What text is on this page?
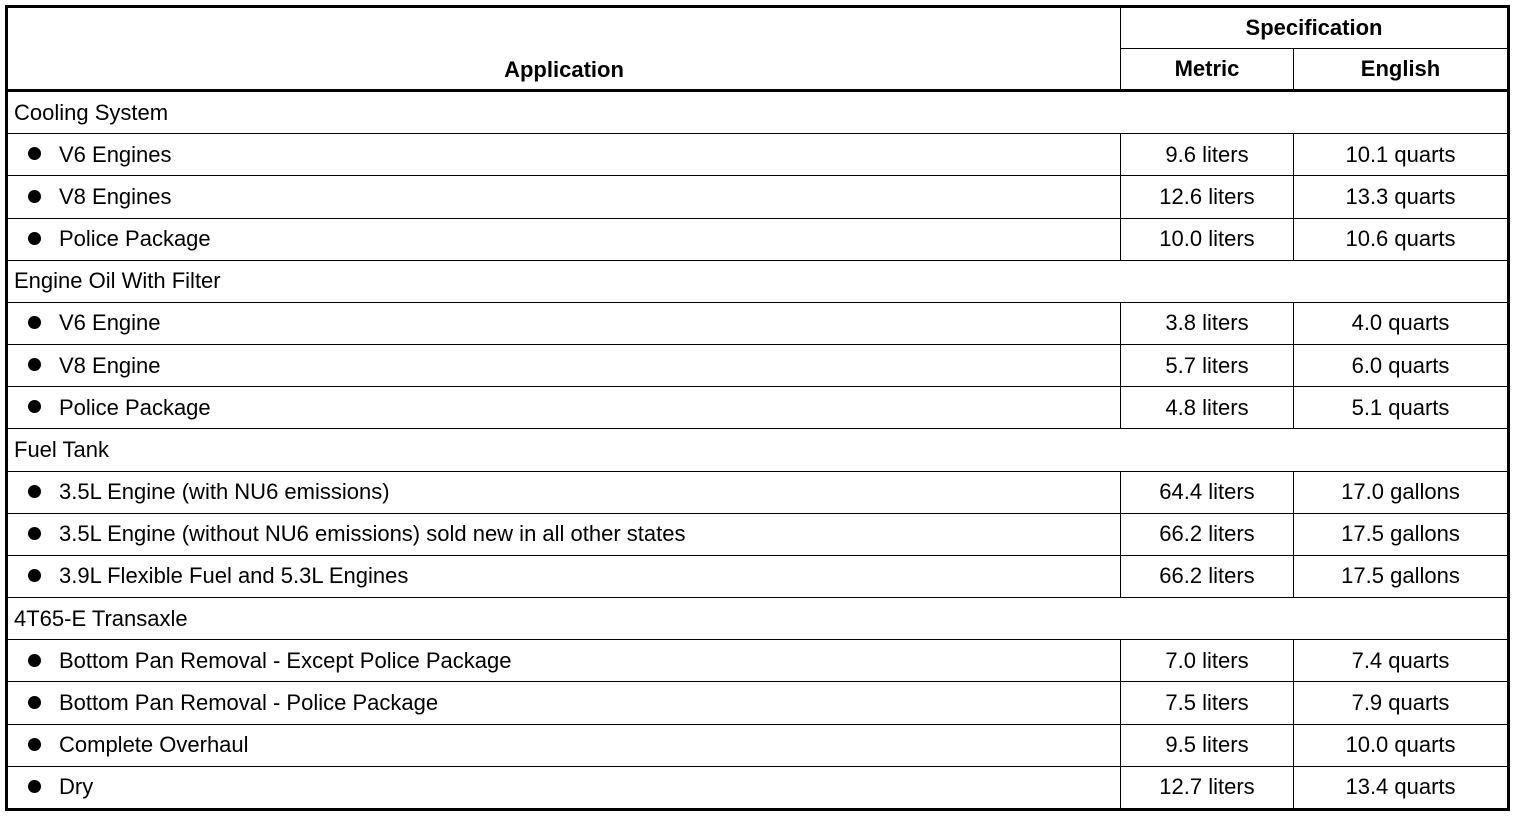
Application	Specification	
	Metric	English
Cooling System		
V6 Engines	9.6 liters	10.1 quarts
V8 Engines	12.6 liters	13.3 quarts
Police Package	10.0 liters	10.6 quarts
Engine Oil With Filter		
V6 Engine	3.8 liters	4.0 quarts
V8 Engine	5.7 liters	6.0 quarts
Police Package	4.8 liters	5.1 quarts
Fuel Tank		
3.5L Engine (with NU6 emissions)	64.4 liters	17.0 gallons
3.5L Engine (without NU6 emissions) sold new in all other states	66.2 liters	17.5 gallons
3.9L Flexible Fuel and 5.3L Engines	66.2 liters	17.5 gallons
4T65-E Transaxle		
Bottom Pan Removal - Except Police Package	7.0 liters	7.4 quarts
Bottom Pan Removal - Police Package	7.5 liters	7.9 quarts
Complete Overhaul	9.5 liters	10.0 quarts
Dry	12.7 liters	13.4 quarts
